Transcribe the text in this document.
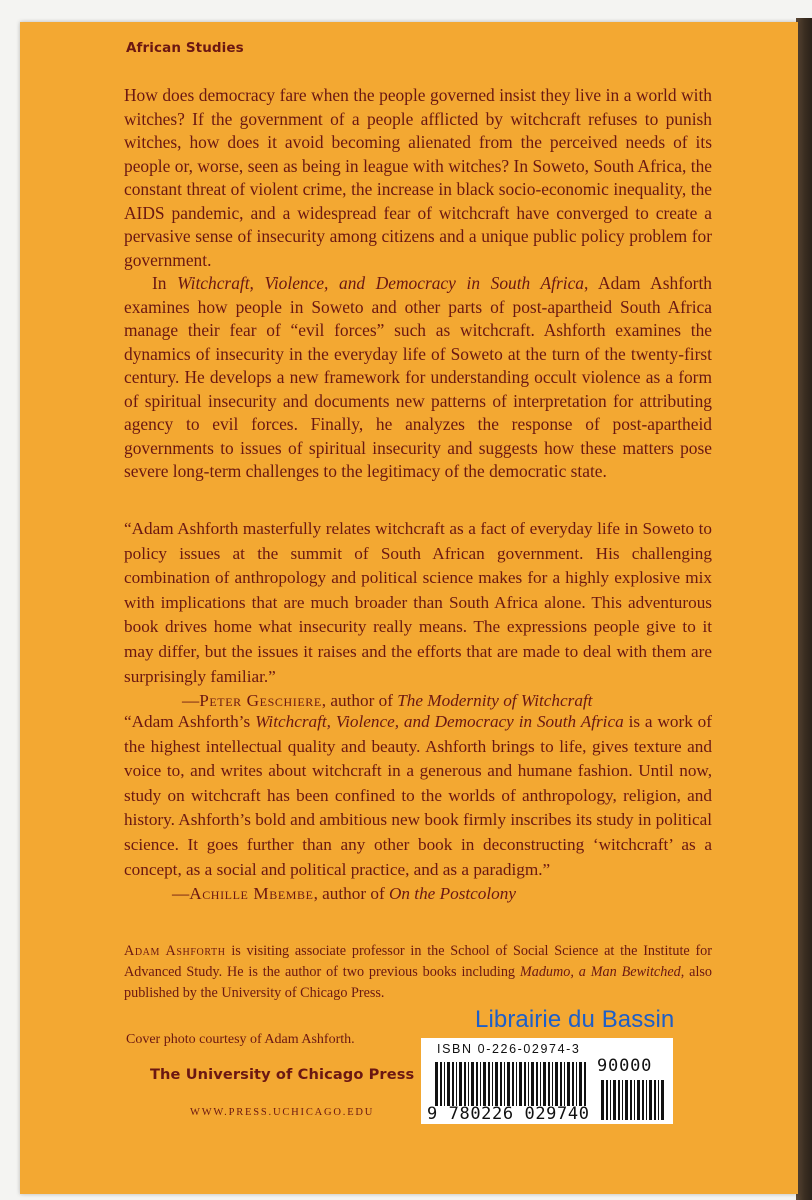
African Studies

How does democracy fare when the people governed insist they live in a world with witches? If the government of a people afflicted by witchcraft refuses to punish witches, how does it avoid becoming alienated from the perceived needs of its people or, worse, seen as being in league with witches? In Soweto, South Africa, the constant threat of violent crime, the increase in black socio-economic inequality, the AIDS pandemic, and a widespread fear of witchcraft have converged to create a pervasive sense of insecurity among citizens and a unique public policy problem for government.

In Witchcraft, Violence, and Democracy in South Africa, Adam Ashforth examines how people in Soweto and other parts of post-apartheid South Africa manage their fear of “evil forces” such as witchcraft. Ashforth examines the dynamics of insecurity in the everyday life of Soweto at the turn of the twenty-first century. He develops a new framework for understanding occult violence as a form of spiritual insecurity and documents new patterns of interpretation for attributing agency to evil forces. Finally, he analyzes the response of post-apartheid governments to issues of spiritual insecurity and suggests how these matters pose severe long-term challenges to the legitimacy of the democratic state.

“Adam Ashforth masterfully relates witchcraft as a fact of everyday life in Soweto to policy issues at the summit of South African government. His challenging combination of anthropology and political science makes for a highly explosive mix with implications that are much broader than South Africa alone. This adventurous book drives home what insecurity really means. The expressions people give to it may differ, but the issues it raises and the efforts that are made to deal with them are surprisingly familiar.”

—Peter Geschiere, author of The Modernity of Witchcraft

“Adam Ashforth’s Witchcraft, Violence, and Democracy in South Africa is a work of the highest intellectual quality and beauty. Ashforth brings to life, gives texture and voice to, and writes about witchcraft in a generous and humane fashion. Until now, study on witchcraft has been confined to the worlds of anthropology, religion, and history. Ashforth’s bold and ambitious new book firmly inscribes its study in political science. It goes further than any other book in deconstructing ‘witchcraft’ as a concept, as a social and political practice, and as a paradigm.”

—Achille Mbembe, author of On the Postcolony

Adam Ashforth is visiting associate professor in the School of Social Science at the Institute for Advanced Study. He is the author of two previous books including Madumo, a Man Bewitched, also published by the University of Chicago Press.

Librairie du Bassin
Cover photo courtesy of Adam Ashforth.
The University of Chicago Press
WWW.PRESS.UCHICAGO.EDU
ISBN 0-226-02974-3
9 780226 029740
90000
